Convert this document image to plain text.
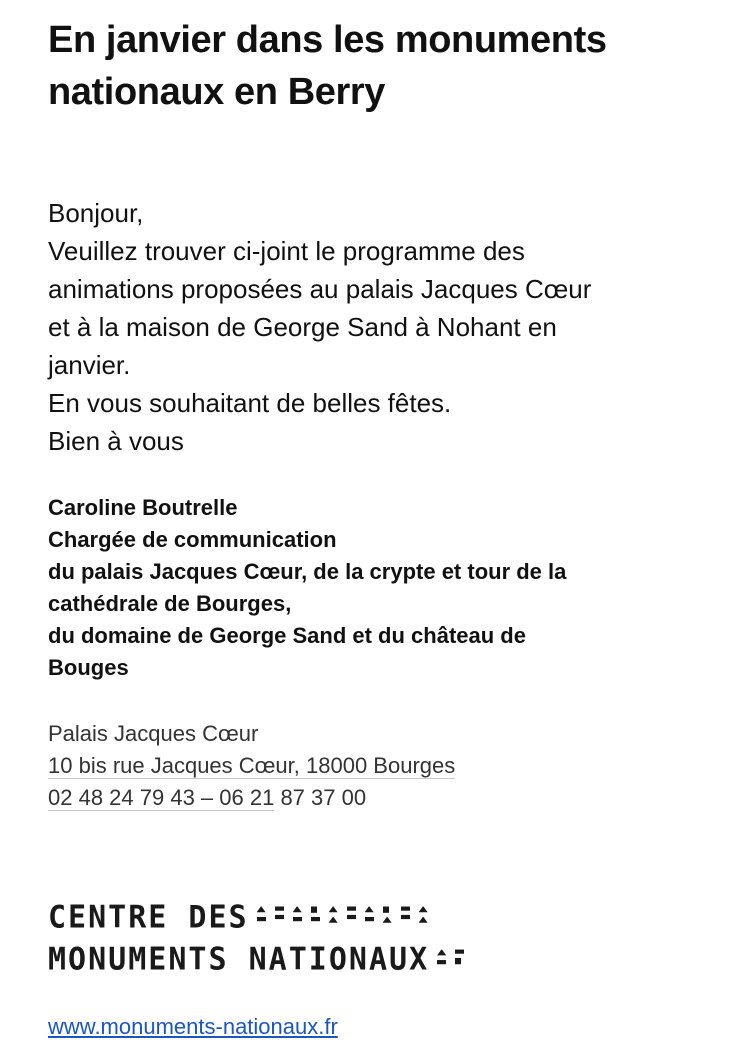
En janvier dans les monuments
nationaux en Berry
Bonjour,
Veuillez trouver ci-joint le programme des
animations proposées au palais Jacques Cœur
et à la maison de George Sand à Nohant en
janvier.
En vous souhaitant de belles fêtes.
Bien à vous
Caroline Boutrelle
Chargée de communication
du palais Jacques Cœur, de la crypte et tour de la
cathédrale de Bourges,
du domaine de George Sand et du château de
Bouges
Palais Jacques Cœur
10 bis rue Jacques Cœur, 18000 Bourges
02 48 24 79 43 – 06 21 87 37 00
CENTRE DES
MONUMENTS NATIONAUX
www.monuments-nationaux.fr
